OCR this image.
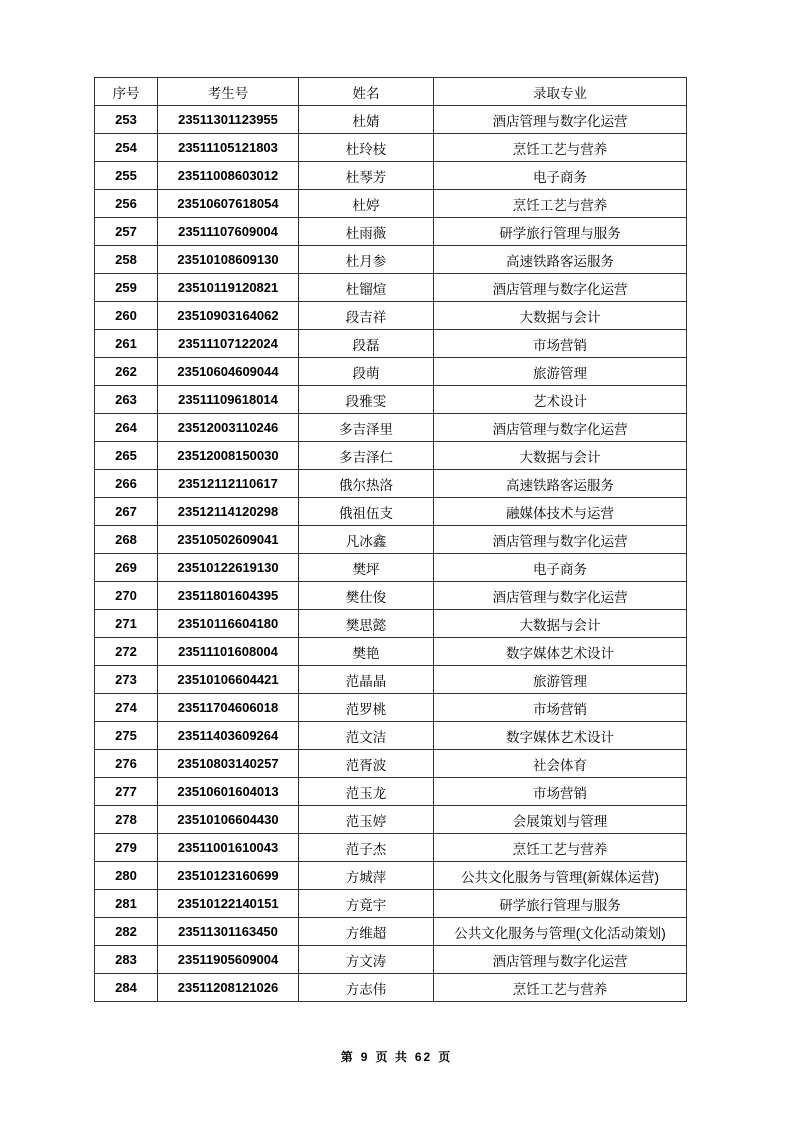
序号	考生号	姓名	录取专业
253	23511301123955	杜婧	酒店管理与数字化运营
254	23511105121803	杜玲枝	烹饪工艺与营养
255	23511008603012	杜琴芳	电子商务
256	23510607618054	杜婷	烹饪工艺与营养
257	23511107609004	杜雨薇	研学旅行管理与服务
258	23510108609130	杜月参	高速铁路客运服务
259	23510119120821	杜镏煊	酒店管理与数字化运营
260	23510903164062	段吉祥	大数据与会计
261	23511107122024	段磊	市场营销
262	23510604609044	段萌	旅游管理
263	23511109618014	段雅雯	艺术设计
264	23512003110246	多吉泽里	酒店管理与数字化运营
265	23512008150030	多吉泽仁	大数据与会计
266	23512112110617	俄尔热洛	高速铁路客运服务
267	23512114120298	俄祖伍支	融媒体技术与运营
268	23510502609041	凡冰鑫	酒店管理与数字化运营
269	23510122619130	樊坪	电子商务
270	23511801604395	樊仕俊	酒店管理与数字化运营
271	23510116604180	樊思懿	大数据与会计
272	23511101608004	樊艳	数字媒体艺术设计
273	23510106604421	范晶晶	旅游管理
274	23511704606018	范罗桃	市场营销
275	23511403609264	范文洁	数字媒体艺术设计
276	23510803140257	范胥波	社会体育
277	23510601604013	范玉龙	市场营销
278	23510106604430	范玉婷	会展策划与管理
279	23511001610043	范子杰	烹饪工艺与营养
280	23510123160699	方城萍	公共文化服务与管理(新媒体运营)
281	23510122140151	方竟宇	研学旅行管理与服务
282	23511301163450	方维超	公共文化服务与管理(文化活动策划)
283	23511905609004	方文涛	酒店管理与数字化运营
284	23511208121026	方志伟	烹饪工艺与营养
第 9 页 共 62 页
